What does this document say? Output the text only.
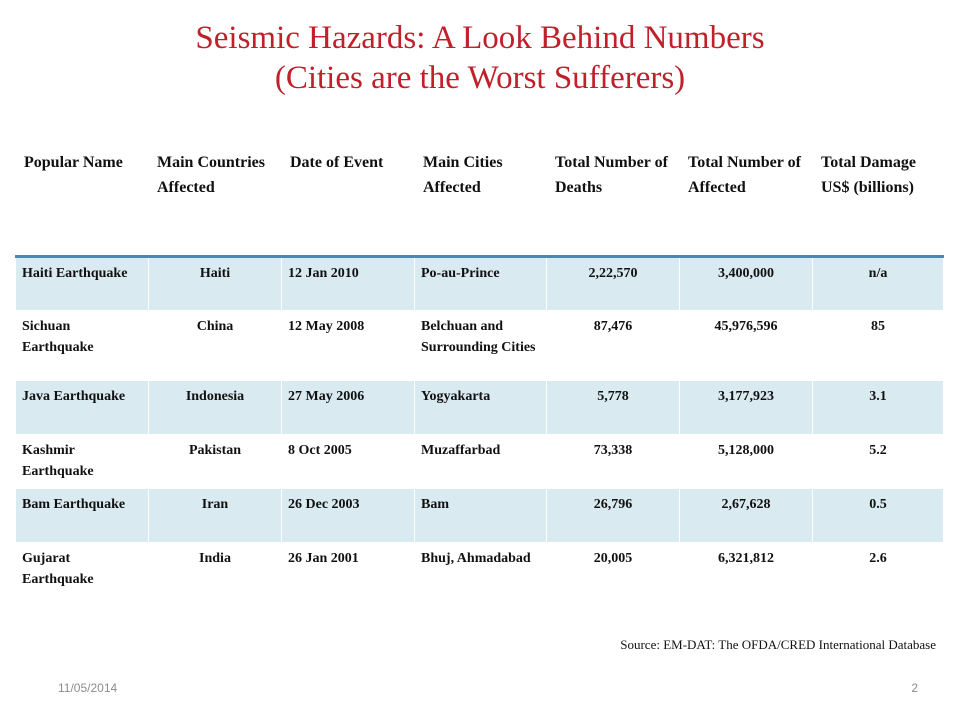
Seismic Hazards: A Look Behind Numbers
(Cities are the Worst Sufferers)
Popular Name	Main Countries Affected	Date of Event	Main Cities Affected	Total Number of Deaths	Total Number of Affected	Total Damage US$ (billions)
Haiti Earthquake	Haiti	12 Jan 2010	Po-au-Prince	2,22,570	3,400,000	n/a
Sichuan Earthquake	China	12 May 2008	Belchuan and Surrounding Cities	87,476	45,976,596	85
Java Earthquake	Indonesia	27 May 2006	Yogyakarta	5,778	3,177,923	3.1
Kashmir Earthquake	Pakistan	8 Oct 2005	Muzaffarbad	73,338	5,128,000	5.2
Bam Earthquake	Iran	26 Dec 2003	Bam	26,796	2,67,628	0.5
Gujarat Earthquake	India	26 Jan 2001	Bhuj, Ahmadabad	20,005	6,321,812	2.6
Source: EM-DAT: The OFDA/CRED International Database
11/05/2014	2
